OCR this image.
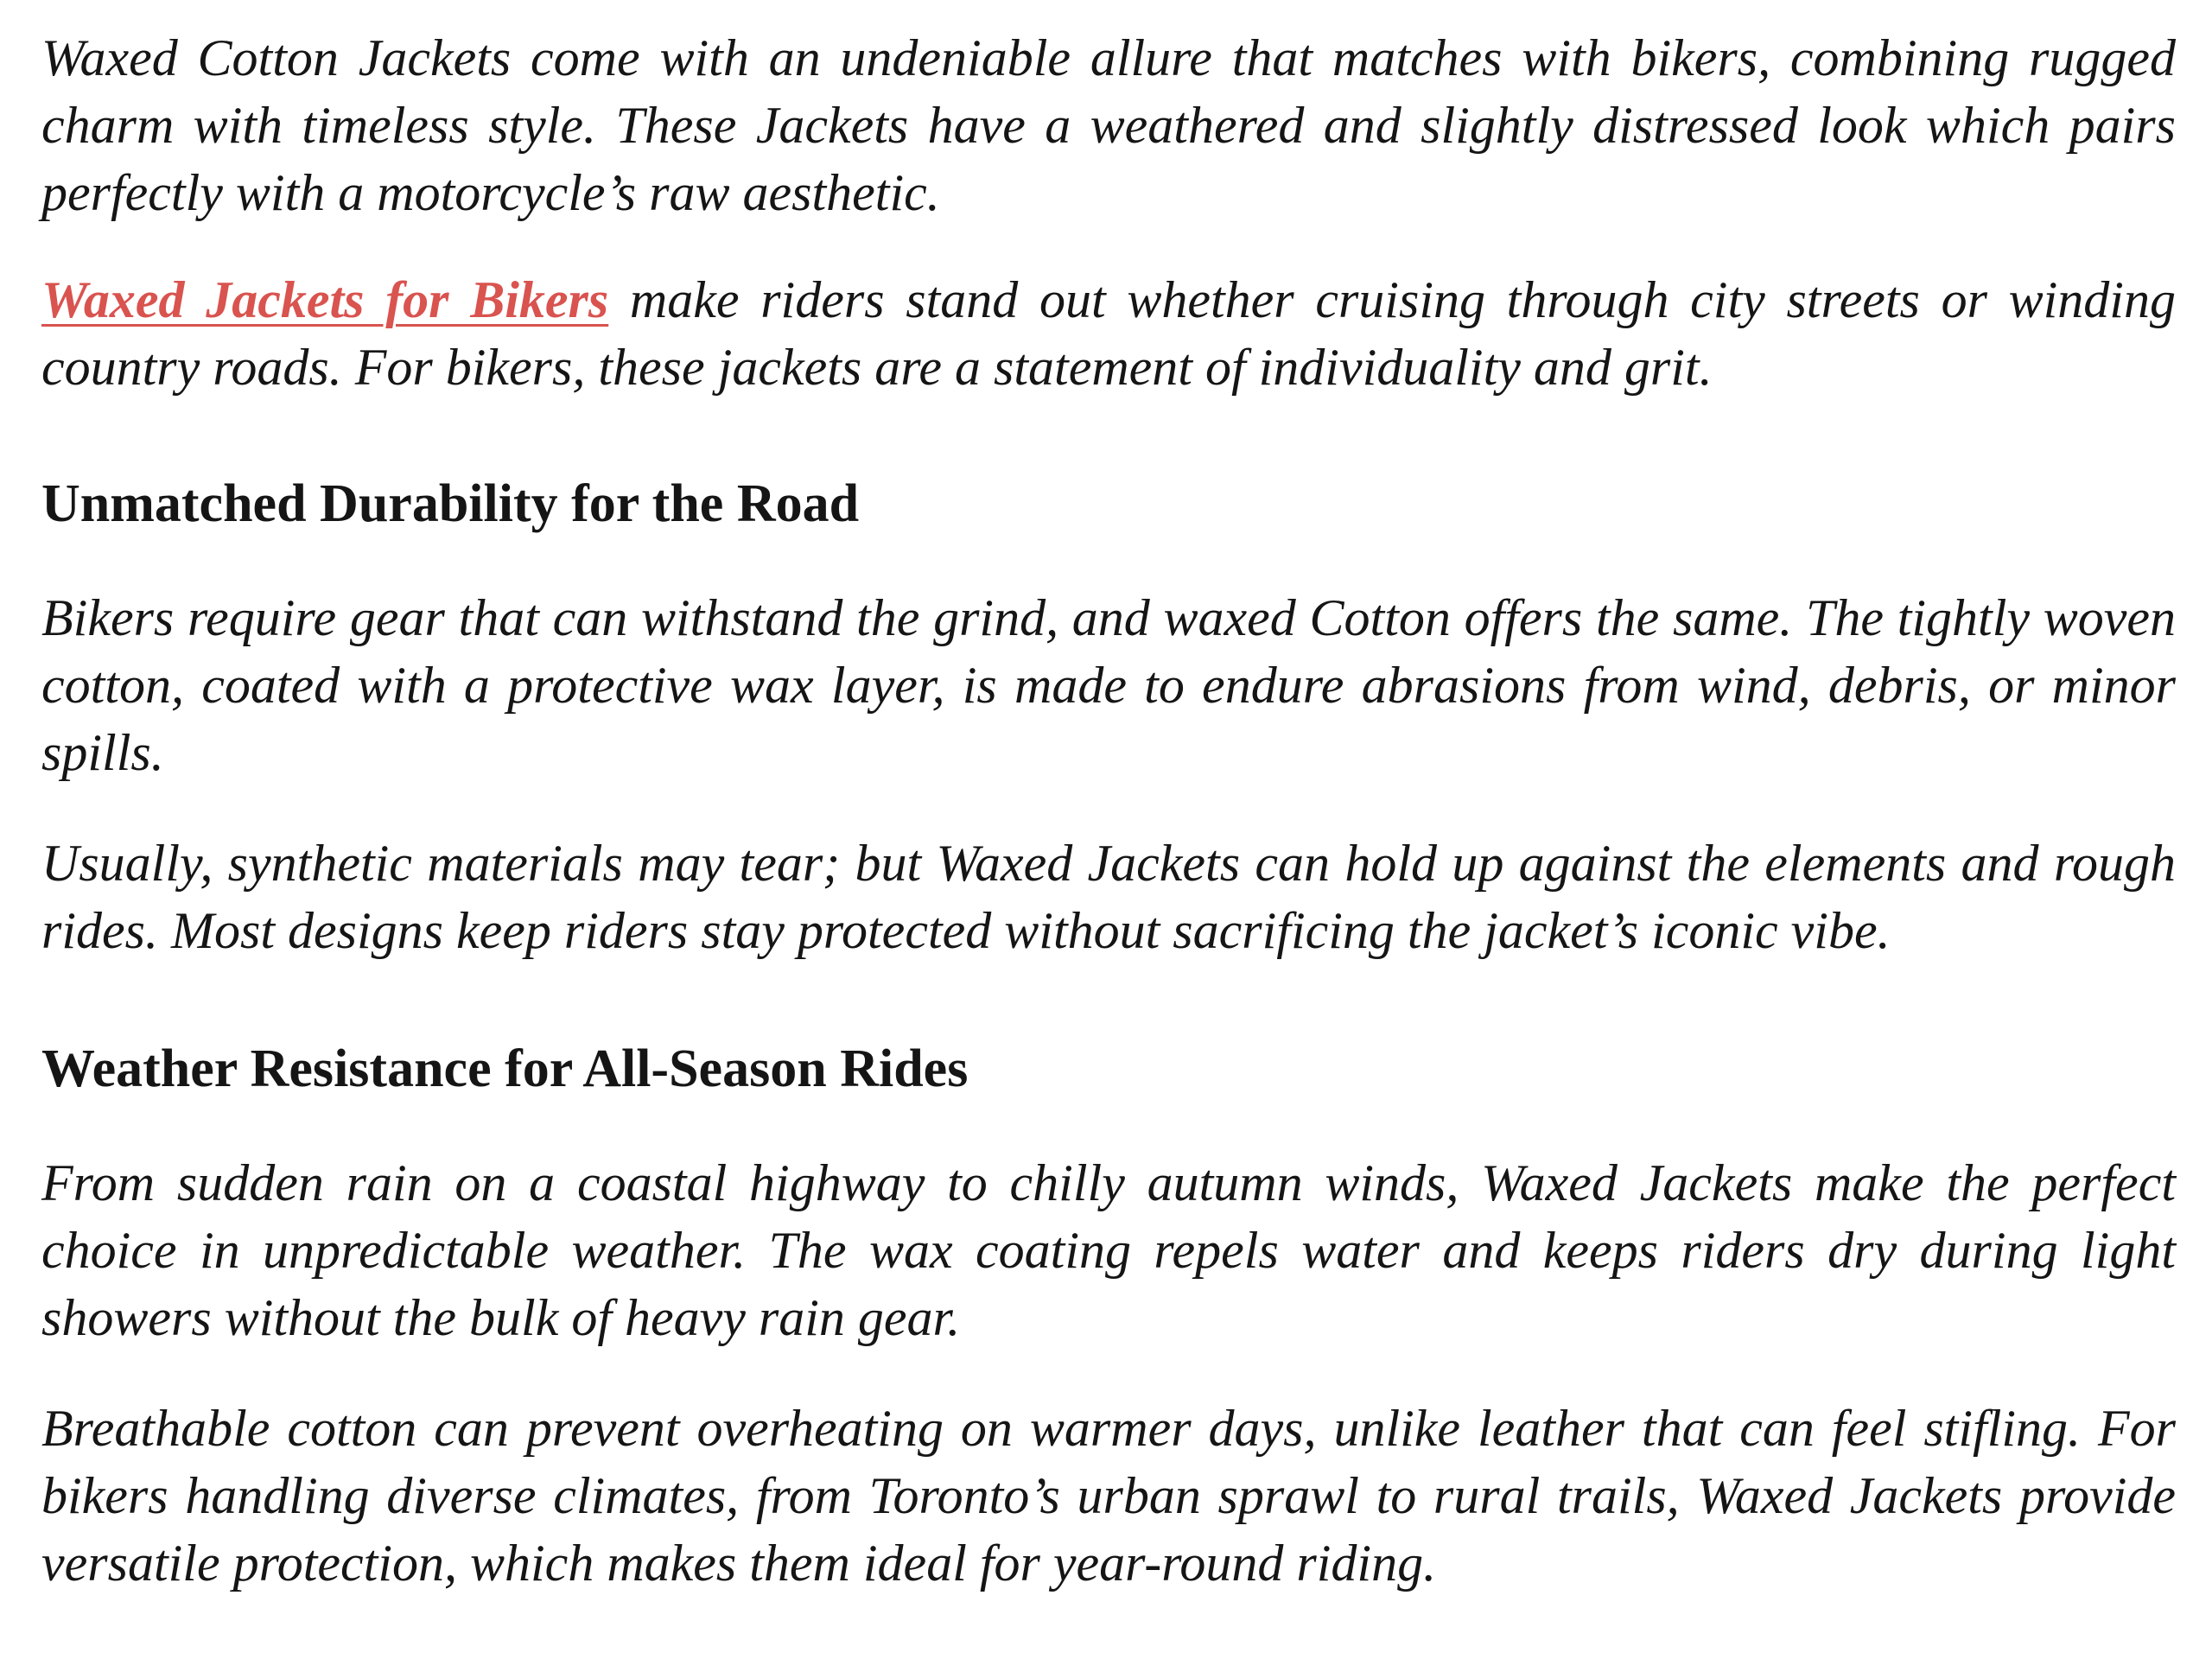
Waxed Cotton Jackets come with an undeniable allure that matches with bikers, combining rugged charm with timeless style. These Jackets have a weathered and slightly distressed look which pairs perfectly with a motorcycle’s raw aesthetic.

Waxed Jackets for Bikers make riders stand out whether cruising through city streets or winding country roads. For bikers, these jackets are a statement of individuality and grit.

Unmatched Durability for the Road

Bikers require gear that can withstand the grind, and waxed Cotton offers the same. The tightly woven cotton, coated with a protective wax layer, is made to endure abrasions from wind, debris, or minor spills.

Usually, synthetic materials may tear; but Waxed Jackets can hold up against the elements and rough rides. Most designs keep riders stay protected without sacrificing the jacket’s iconic vibe.

Weather Resistance for All-Season Rides

From sudden rain on a coastal highway to chilly autumn winds, Waxed Jackets make the perfect choice in unpredictable weather. The wax coating repels water and keeps riders dry during light showers without the bulk of heavy rain gear.

Breathable cotton can prevent overheating on warmer days, unlike leather that can feel stifling. For bikers handling diverse climates, from Toronto’s urban sprawl to rural trails, Waxed Jackets provide versatile protection, which makes them ideal for year-round riding.
